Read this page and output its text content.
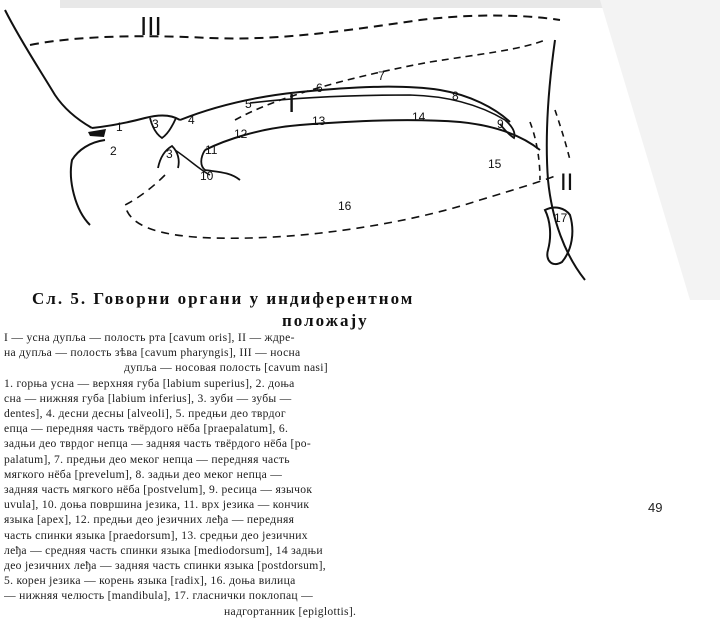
III
I
II
1
2
3
3
4
5
6
7
8
9
10
11
12
13	14
15
16
17
Сл. 5. Говорни органи у индиферентном
положају

I — усна дупља — полость рта [cavum oris], II — ждре-

на дупља — полость зѣва [cavum pharyngis], III — носна

дупља — носовая полость [cavum nasi]

1. горња усна — верхняя губа [labium superius], 2. доња

сна — нижняя губа [labium inferius], 3. зуби — зубы —

dentes], 4. десни десны [alveoli], 5. предњи део тврдог

епца — передняя часть твёрдого нёба [praepalatum], 6.

задњи део тврдог непца — задняя часть твёрдого нёба [po-

palatum], 7. предњи део меког непца — передняя часть

мягкого нёба [prevelum], 8. задњи део меког непца —

задняя часть мягкого нёба [postvelum], 9. ресица — язычок

uvula], 10. доња површина језика, 11. врх језика — кончик

языка [apex], 12. предњи део језичних леђа — передняя

часть спинки языка [praedorsum], 13. средњи део језичних

леђа — средняя часть спинки языка [mediodorsum], 14 задњи

део језичних леђа — задняя часть спинки языка [postdorsum],

5. корен језика — корень языка [radix], 16. доња вилица

— нижняя челюсть [mandibula], 17. гласнички поклопац —

надгортанник [epiglottis].

49
